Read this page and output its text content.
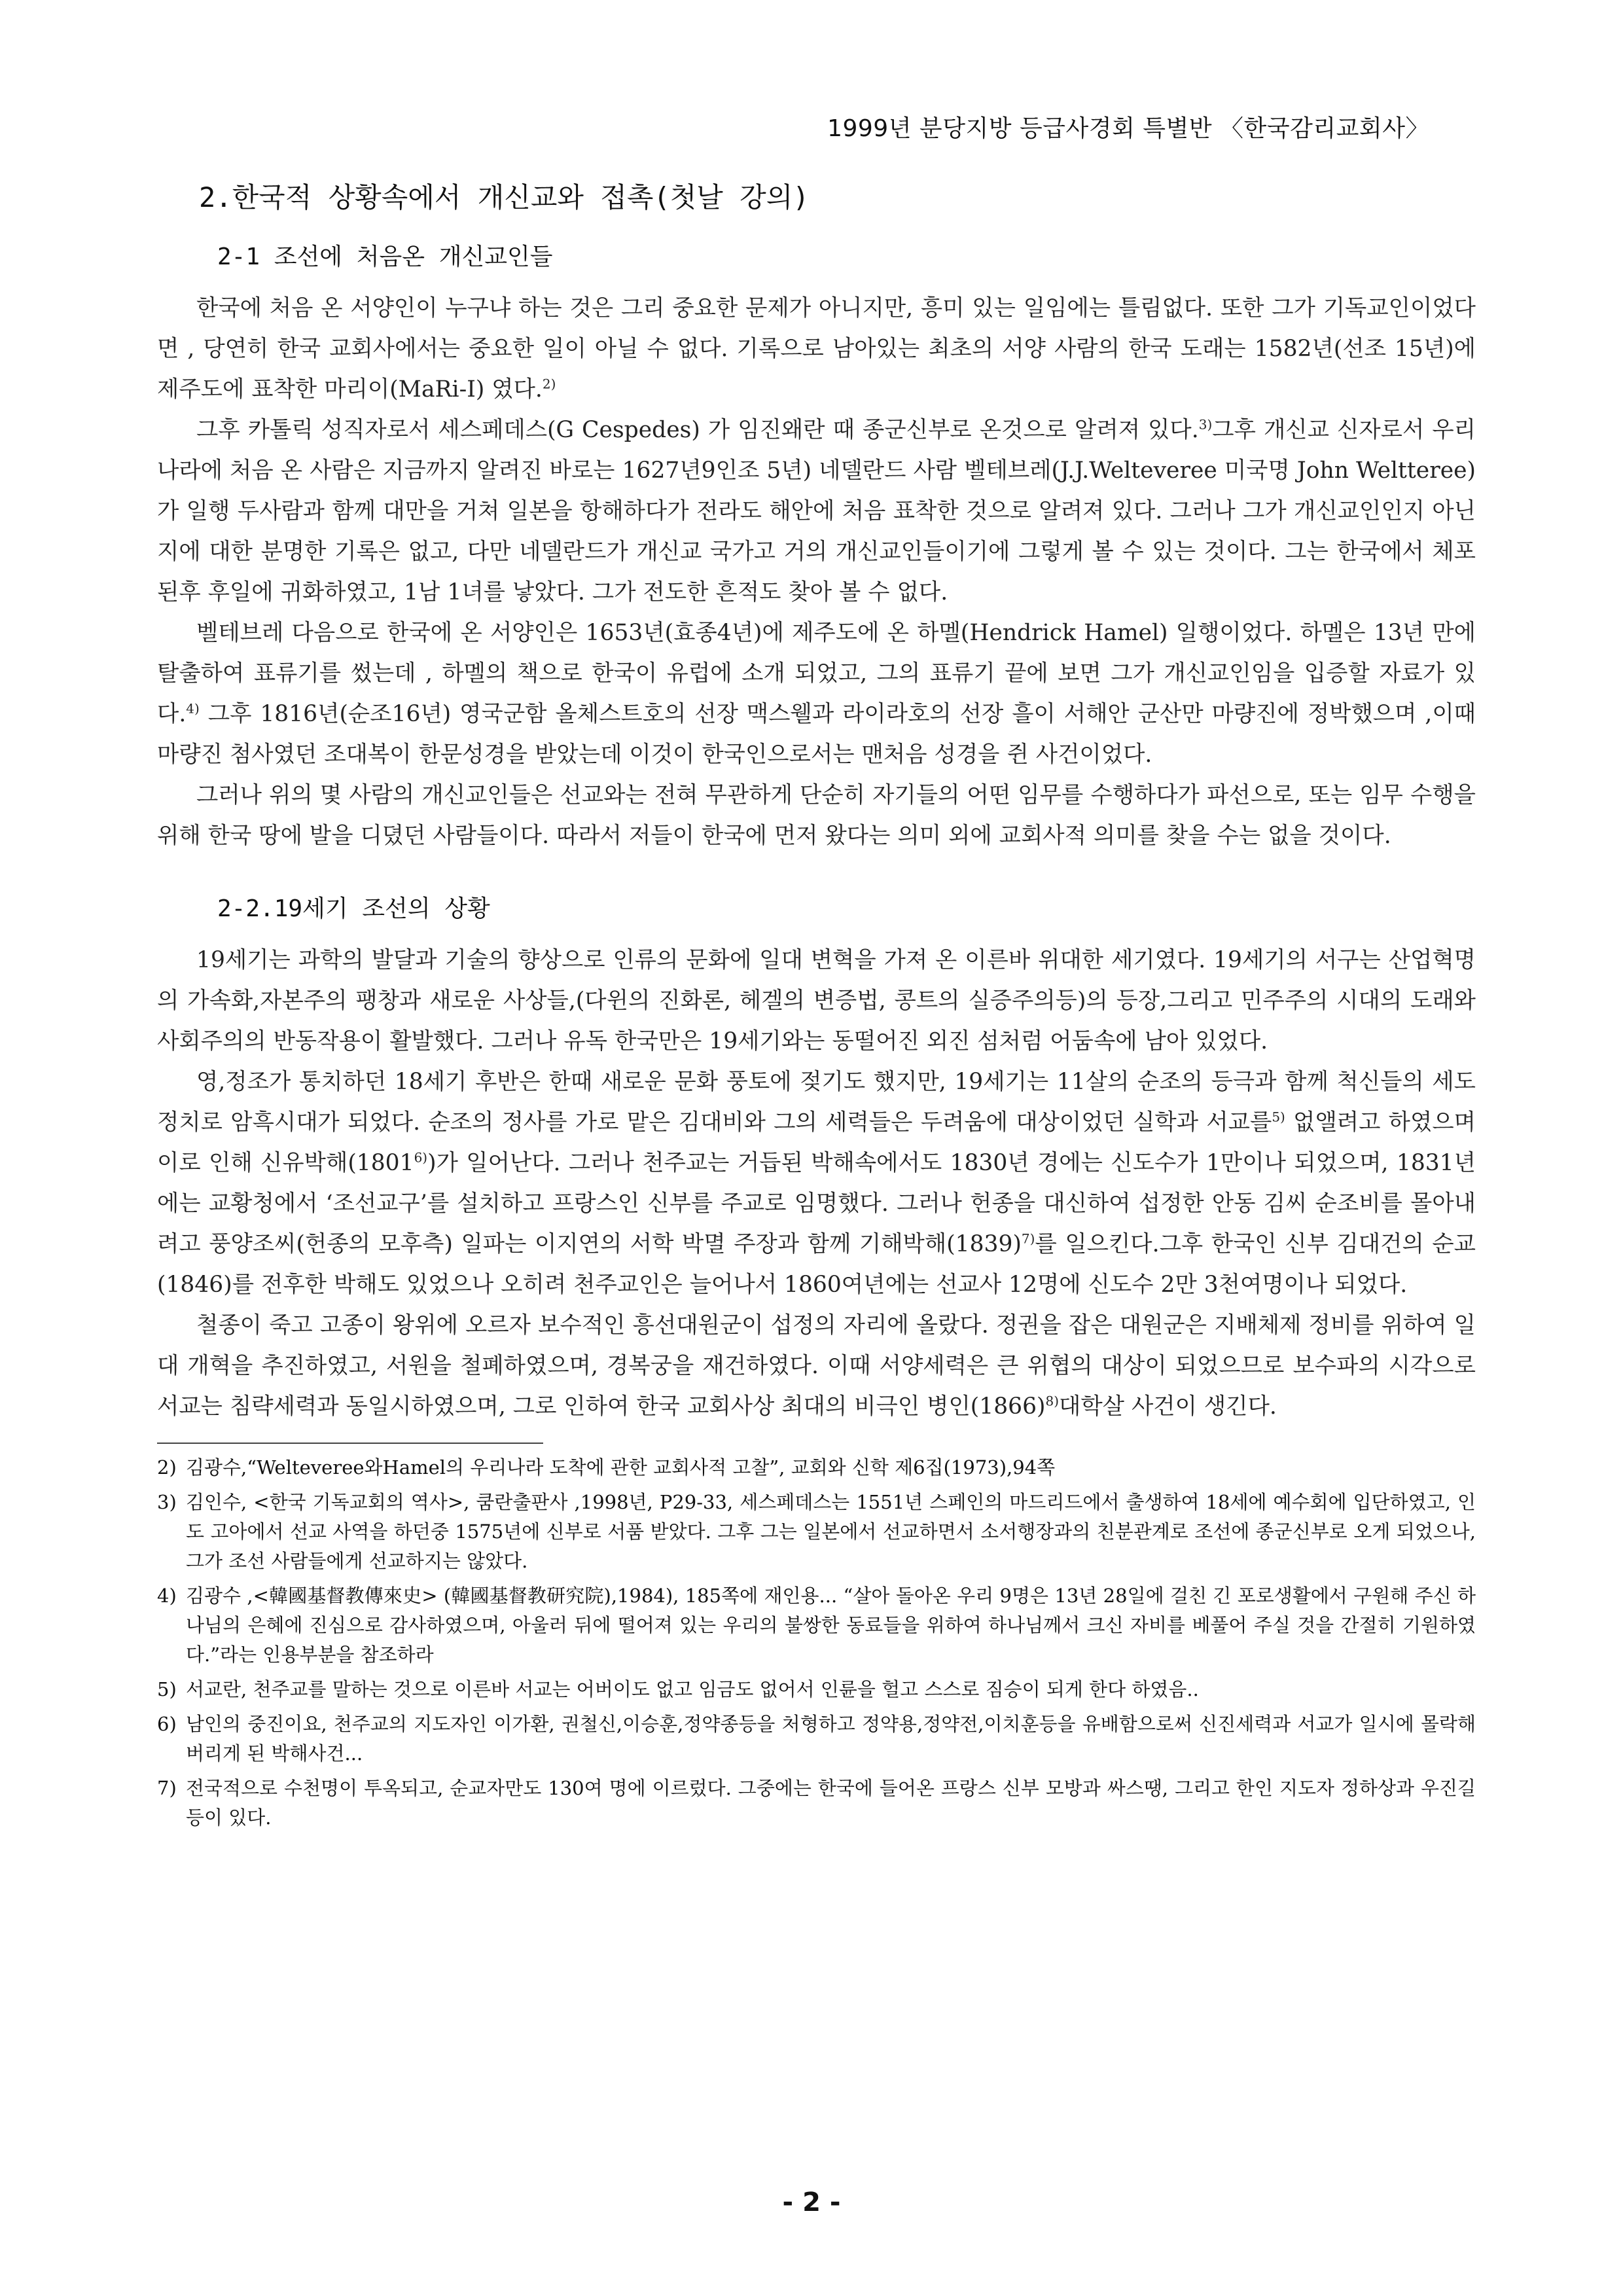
1999년 분당지방 등급사경회 특별반 〈한국감리교회사〉
2.한국적 상황속에서 개신교와 접촉(첫날 강의)
2-1 조선에 처음온 개신교인들

한국에 처음 온 서양인이 누구냐 하는 것은 그리 중요한 문제가 아니지만, 흥미 있는 일임에는 틀림없다. 또한 그가 기독교인이었다면 , 당연히 한국 교회사에서는 중요한 일이 아닐 수 없다. 기록으로 남아있는 최초의 서양 사람의 한국 도래는 1582년(선조 15년)에 제주도에 표착한 마리이(MaRi-I) 였다.$^{2)}$

그후 카톨릭 성직자로서 세스페데스(G Cespedes) 가 임진왜란 때 종군신부로 온것으로 알려져 있다.$^{3)}$그후 개신교 신자로서 우리나라에 처음 온 사람은 지금까지 알려진 바로는 1627년9인조 5년) 네델란드 사람 벨테브레(J.J.Welteveree 미국명 John Weltteree)가 일행 두사람과 함께 대만을 거쳐 일본을 항해하다가 전라도 해안에 처음 표착한 것으로 알려져 있다. 그러나 그가 개신교인인지 아닌지에 대한 분명한 기록은 없고, 다만 네델란드가 개신교 국가고 거의 개신교인들이기에 그렇게 볼 수 있는 것이다. 그는 한국에서 체포된후 후일에 귀화하였고, 1남 1녀를 낳았다. 그가 전도한 흔적도 찾아 볼 수 없다.

벨테브레 다음으로 한국에 온 서양인은 1653년(효종4년)에 제주도에 온 하멜(Hendrick Hamel) 일행이었다. 하멜은 13년 만에 탈출하여 표류기를 썼는데 , 하멜의 책으로 한국이 유럽에 소개 되었고, 그의 표류기 끝에 보면 그가 개신교인임을 입증할 자료가 있다.$^{4)}$ 그후 1816년(순조16년) 영국군함 올체스트호의 선장 맥스웰과 라이라호의 선장 흘이 서해안 군산만 마량진에 정박했으며 ,이때 마량진 첨사였던 조대복이 한문성경을 받았는데 이것이 한국인으로서는 맨처음 성경을 쥔 사건이었다.

그러나 위의 몇 사람의 개신교인들은 선교와는 전혀 무관하게 단순히 자기들의 어떤 임무를 수행하다가 파선으로, 또는 임무 수행을 위해 한국 땅에 발을 디뎠던 사람들이다. 따라서 저들이 한국에 먼저 왔다는 의미 외에 교회사적 의미를 찾을 수는 없을 것이다.

2-2.19세기 조선의 상황

19세기는 과학의 발달과 기술의 향상으로 인류의 문화에 일대 변혁을 가져 온 이른바 위대한 세기였다. 19세기의 서구는 산업혁명의 가속화,자본주의 팽창과 새로운 사상들,(다윈의 진화론, 헤겔의 변증법, 콩트의 실증주의등)의 등장,그리고 민주주의 시대의 도래와 사회주의의 반동작용이 활발했다. 그러나 유독 한국만은 19세기와는 동떨어진 외진 섬처럼 어둠속에 남아 있었다.

영,정조가 통치하던 18세기 후반은 한때 새로운 문화 풍토에 젖기도 했지만, 19세기는 11살의 순조의 등극과 함께 척신들의 세도정치로 암흑시대가 되었다. 순조의 정사를 가로 맡은 김대비와 그의 세력들은 두려움에 대상이었던 실학과 서교를$^{5)}$ 없앨려고 하였으며 이로 인해 신유박해(1801$^{6)}$)가 일어난다. 그러나 천주교는 거듭된 박해속에서도 1830년 경에는 신도수가 1만이나 되었으며, 1831년에는 교황청에서 ‘조선교구’를 설치하고 프랑스인 신부를 주교로 임명했다. 그러나 헌종을 대신하여 섭정한 안동 김씨 순조비를 몰아내려고 풍양조씨(헌종의 모후측) 일파는 이지연의 서학 박멸 주장과 함께 기해박해$(1839)^{7)}$를 일으킨다.그후 한국인 신부 김대건의 순교(1846)를 전후한 박해도 있었으나 오히려 천주교인은 늘어나서 1860여년에는 선교사 12명에 신도수 2만 3천여명이나 되었다.

철종이 죽고 고종이 왕위에 오르자 보수적인 흥선대원군이 섭정의 자리에 올랐다. 정권을 잡은 대원군은 지배체제 정비를 위하여 일대 개혁을 추진하였고, 서원을 철폐하였으며, 경복궁을 재건하였다. 이때 서양세력은 큰 위협의 대상이 되었으므로 보수파의 시각으로 서교는 침략세력과 동일시하였으며, 그로 인하여 한국 교회사상 최대의 비극인 병인$(1866)^{8)}$대학살 사건이 생긴다.

2) 김광수,“Welteveree와Hamel의 우리나라 도착에 관한 교회사적 고찰”, 교회와 신학 제6집(1973),94쪽
3) 김인수, <한국 기독교회의 역사>, 쿰란출판사 ,1998년, P29-33, 세스페데스는 1551년 스페인의 마드리드에서 출생하여 18세에 예수회에 입단하였고, 인도 고아에서 선교 사역을 하던중 1575년에 신부로 서품 받았다. 그후 그는 일본에서 선교하면서 소서행장과의 친분관계로 조선에 종군신부로 오게 되었으나, 그가 조선 사람들에게 선교하지는 않았다.
4) 김광수 ,<韓國基督教傳來史> (韓國基督教研究院),1984), 185쪽에 재인용... “살아 돌아온 우리 9명은 13년 28일에 걸친 긴 포로생활에서 구원해 주신 하나님의 은혜에 진심으로 감사하였으며, 아울러 뒤에 떨어져 있는 우리의 불쌍한 동료들을 위하여 하나님께서 크신 자비를 베풀어 주실 것을 간절히 기원하였다.”라는 인용부분을 참조하라
5) 서교란, 천주교를 말하는 것으로 이른바 서교는 어버이도 없고 임금도 없어서 인륜을 헐고 스스로 짐승이 되게 한다 하였음..
6) 남인의 중진이요, 천주교의 지도자인 이가환, 권철신,이승훈,정약종등을 처형하고 정약용,정약전,이치훈등을 유배함으로써 신진세력과 서교가 일시에 몰락해 버리게 된 박해사건...
7) 전국적으로 수천명이 투옥되고, 순교자만도 130여 명에 이르렀다. 그중에는 한국에 들어온 프랑스 신부 모방과 싸스땡, 그리고 한인 지도자 정하상과 우진길 등이 있다.
- 2 -
